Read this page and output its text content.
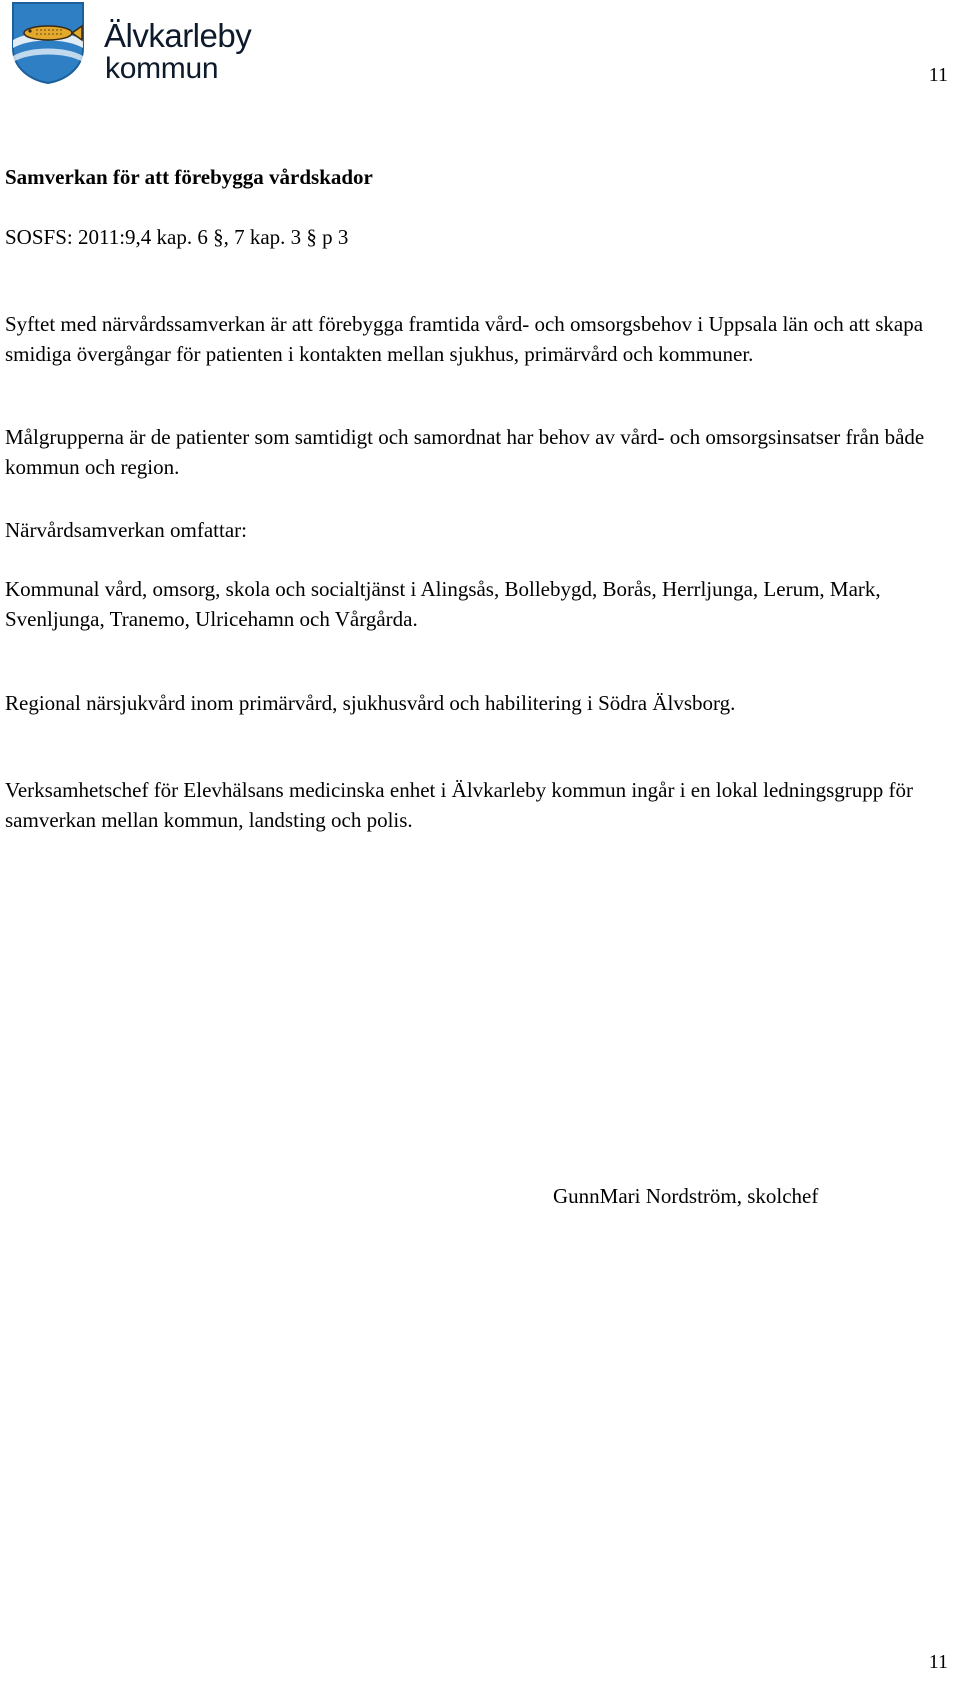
Älvkarleby
kommun	11
Samverkan för att förebygga vårdskador
SOSFS: 2011:9,4 kap. 6 §, 7 kap. 3 § p 3
Syftet med närvårdssamverkan är att förebygga framtida vård- och omsorgsbehov i Uppsala län och att skapa smidiga övergångar för patienten i kontakten mellan sjukhus, primärvård och kommuner.
Målgrupperna är de patienter som samtidigt och samordnat har behov av vård- och omsorgsinsatser från både kommun och region.
Närvårdsamverkan omfattar:
Kommunal vård, omsorg, skola och socialtjänst i Alingsås, Bollebygd, Borås, Herrljunga, Lerum, Mark, Svenljunga, Tranemo, Ulricehamn och Vårgårda.
Regional närsjukvård inom primärvård, sjukhusvård och habilitering i Södra Älvsborg.
Verksamhetschef för Elevhälsans medicinska enhet i Älvkarleby kommun ingår i en lokal ledningsgrupp för samverkan mellan kommun, landsting och polis.
GunnMari Nordström, skolchef
11
